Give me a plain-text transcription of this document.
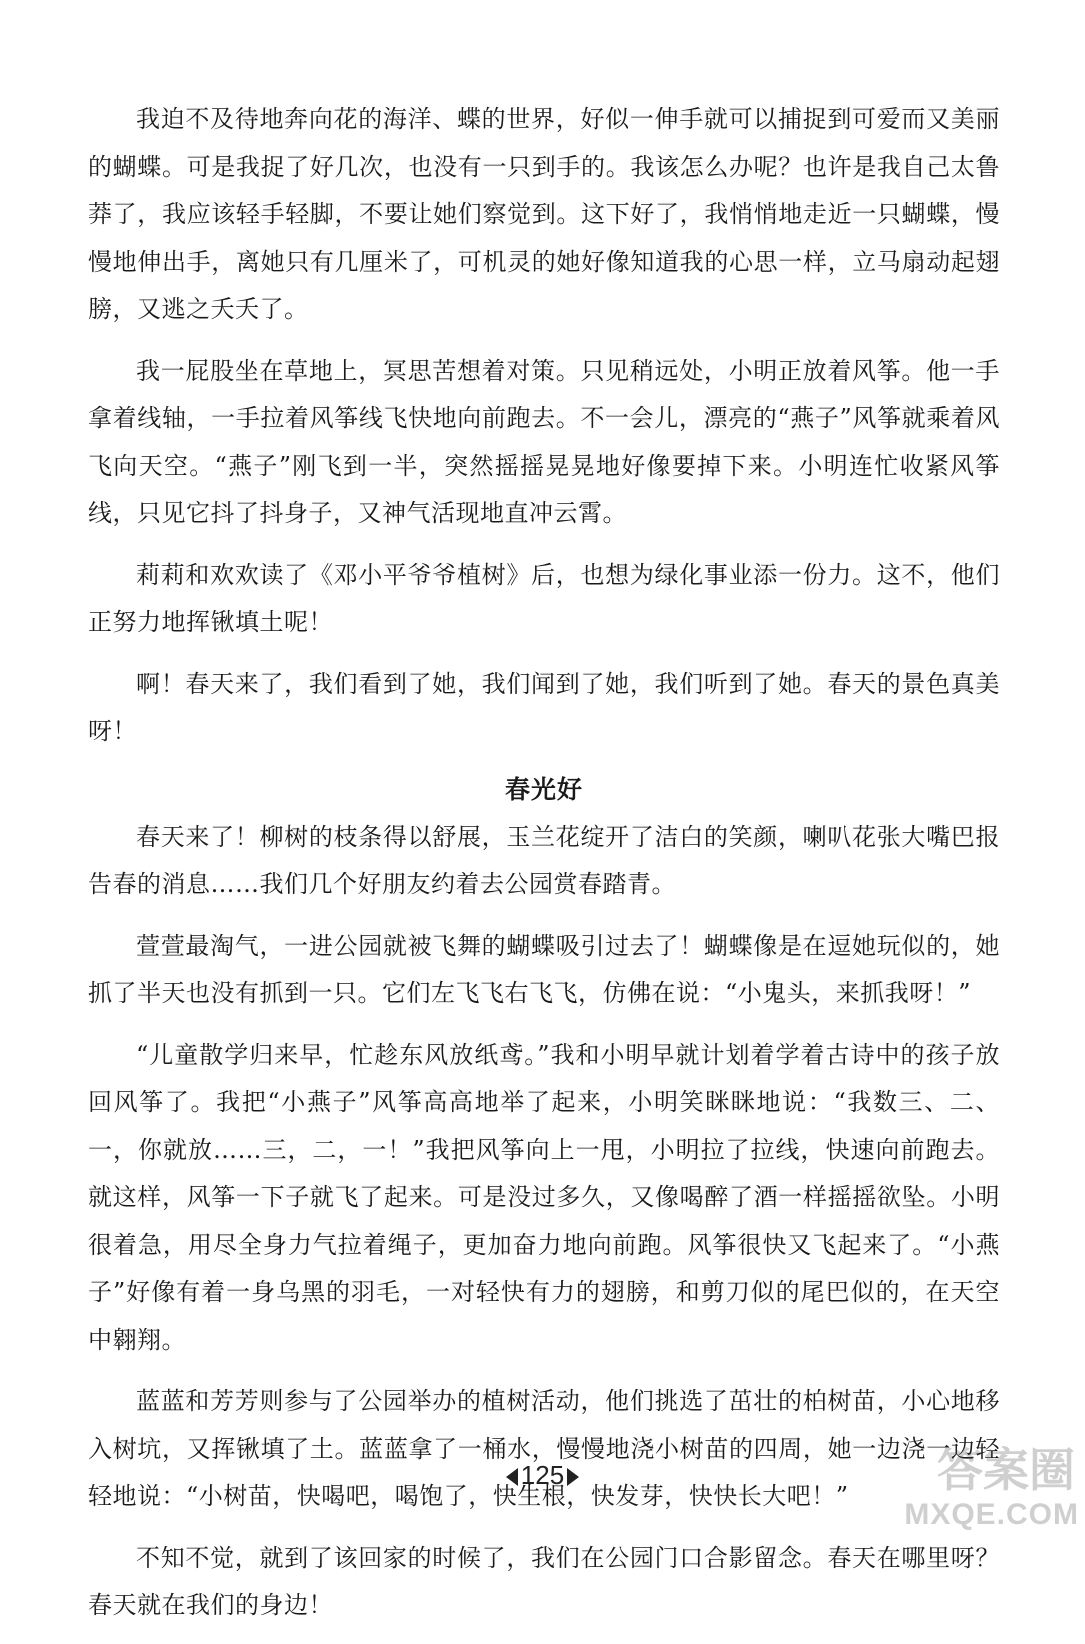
我迫不及待地奔向花的海洋、蝶的世界，好似一伸手就可以捕捉到可爱而又美丽的蝴蝶。可是我捉了好几次，也没有一只到手的。我该怎么办呢？也许是我自己太鲁莽了，我应该轻手轻脚，不要让她们察觉到。这下好了，我悄悄地走近一只蝴蝶，慢慢地伸出手，离她只有几厘米了，可机灵的她好像知道我的心思一样，立马扇动起翅膀，又逃之夭夭了。

我一屁股坐在草地上，冥思苦想着对策。只见稍远处，小明正放着风筝。他一手拿着线轴，一手拉着风筝线飞快地向前跑去。不一会儿，漂亮的“燕子”风筝就乘着风飞向天空。“燕子”刚飞到一半，突然摇摇晃晃地好像要掉下来。小明连忙收紧风筝线，只见它抖了抖身子，又神气活现地直冲云霄。

莉莉和欢欢读了《邓小平爷爷植树》后，也想为绿化事业添一份力。这不，他们正努力地挥锹填土呢！

啊！春天来了，我们看到了她，我们闻到了她，我们听到了她。春天的景色真美呀！

春光好

春天来了！柳树的枝条得以舒展，玉兰花绽开了洁白的笑颜，喇叭花张大嘴巴报告春的消息……我们几个好朋友约着去公园赏春踏青。

萱萱最淘气，一进公园就被飞舞的蝴蝶吸引过去了！蝴蝶像是在逗她玩似的，她抓了半天也没有抓到一只。它们左飞飞右飞飞，仿佛在说：“小鬼头，来抓我呀！”

“儿童散学归来早，忙趁东风放纸鸢。”我和小明早就计划着学着古诗中的孩子放回风筝了。我把“小燕子”风筝高高地举了起来，小明笑眯眯地说：“我数三、二、一，你就放……三，二，一！”我把风筝向上一甩，小明拉了拉线，快速向前跑去。就这样，风筝一下子就飞了起来。可是没过多久，又像喝醉了酒一样摇摇欲坠。小明很着急，用尽全身力气拉着绳子，更加奋力地向前跑。风筝很快又飞起来了。“小燕子”好像有着一身乌黑的羽毛，一对轻快有力的翅膀，和剪刀似的尾巴似的，在天空中翱翔。

蓝蓝和芳芳则参与了公园举办的植树活动，他们挑选了茁壮的柏树苗，小心地移入树坑，又挥锹填了土。蓝蓝拿了一桶水，慢慢地浇小树苗的四周，她一边浇一边轻轻地说：“小树苗，快喝吧，喝饱了，快生根，快发芽，快快长大吧！”

不知不觉，就到了该回家的时候了，我们在公园门口合影留念。春天在哪里呀？春天就在我们的身边！

125	答案圈
MXQE.COM
